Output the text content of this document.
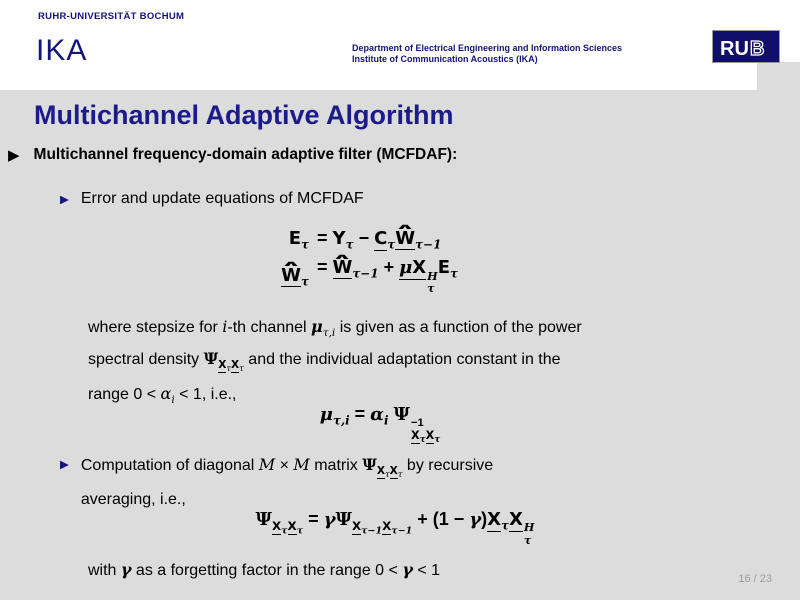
RUHR-UNIVERSITÄT BOCHUM
IKA	Department of Electrical Engineering and Information Sciences
Institute of Communication Acoustics (IKA)	RU B
Multichannel Adaptive Algorithm
▶ Multichannel frequency-domain adaptive filter (MCFDAF):
▶ Error and update equations of MCFDAF
$E_\tau = Y_\tau$ − $C_\tau\wedge$ $W_{\tau-1}$
∧ $W_\tau$
= ∧ $W_{\tau-1} + \mu X$ H
τ
$E_\tau$
where stepsize for i-th channel $\mu_{\tau,i}$ is given as a function of the power
spectral density $\Psi_{X_\tau X_\tau}$ and the individual adaptation constant in the
range $0 < \alpha_i < 1$, i.e.,
$\mu_{\tau,i} = \alpha_i$ Ψ −1
$X_\tau X_\tau$
▶ Computation of diagonal M × M matrix $\Psi_{X_\tau X_\tau}$ by recursive
averaging, i.e.,
$\Psi_{X_\tau X_\tau} = \gamma\Psi_{X_{\tau-1}X_{\tau-1}} + (1 - \gamma)X_\tau X$ H
τ
with γ as a forgetting factor in the range 0 < γ < 1	16 / 23
